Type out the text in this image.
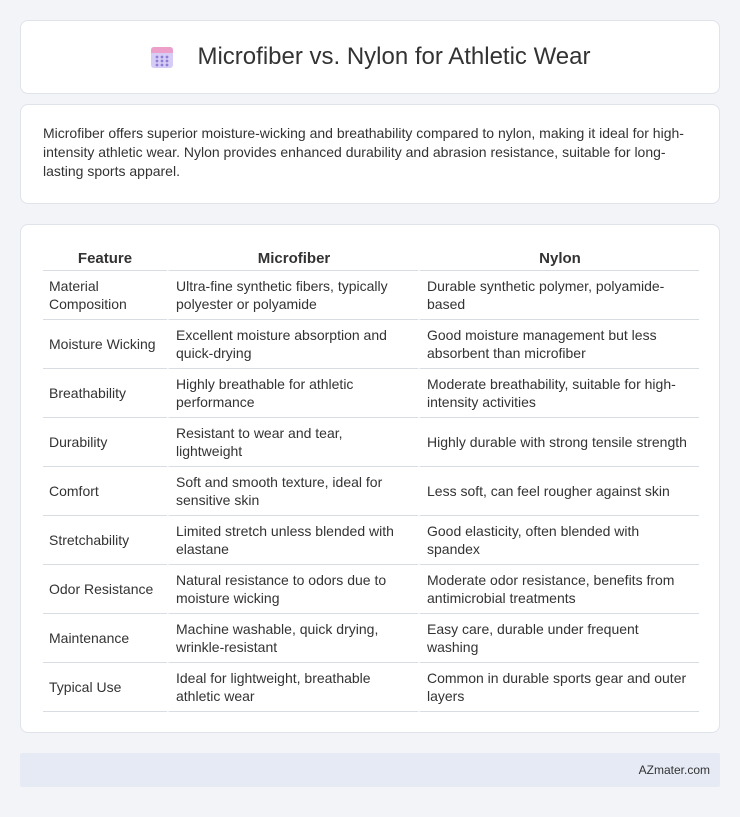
Microfiber vs. Nylon for Athletic Wear

Microfiber offers superior moisture-wicking and breathability compared to nylon, making it ideal for high-intensity athletic wear. Nylon provides enhanced durability and abrasion resistance, suitable for long-lasting sports apparel.

Feature	Microfiber	Nylon
Material Composition	Ultra-fine synthetic fibers, typically polyester or polyamide	Durable synthetic polymer, polyamide-based
Moisture Wicking	Excellent moisture absorption and quick-drying	Good moisture management but less absorbent than microfiber
Breathability	Highly breathable for athletic performance	Moderate breathability, suitable for high-intensity activities
Durability	Resistant to wear and tear, lightweight	Highly durable with strong tensile strength
Comfort	Soft and smooth texture, ideal for sensitive skin	Less soft, can feel rougher against skin
Stretchability	Limited stretch unless blended with elastane	Good elasticity, often blended with spandex
Odor Resistance	Natural resistance to odors due to moisture wicking	Moderate odor resistance, benefits from antimicrobial treatments
Maintenance	Machine washable, quick drying, wrinkle-resistant	Easy care, durable under frequent washing
Typical Use	Ideal for lightweight, breathable athletic wear	Common in durable sports gear and outer layers
AZmater.com
